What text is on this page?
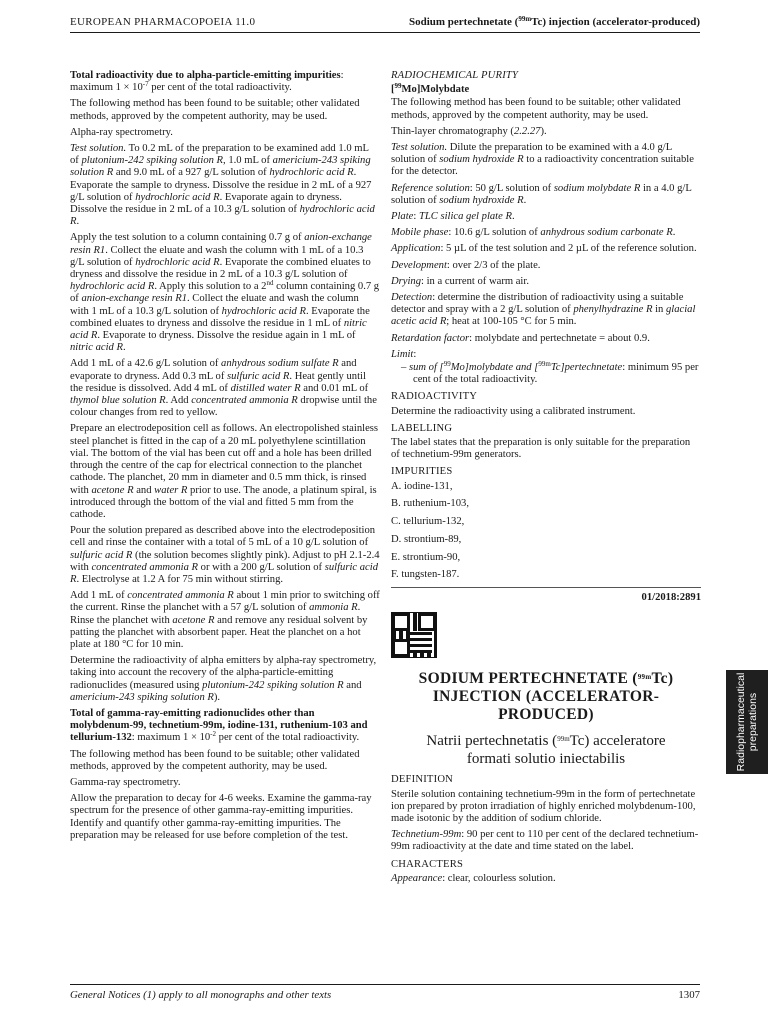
EUROPEAN PHARMACOPOEIA 11.0	Sodium pertechnetate ($^{99m}$Tc) injection (accelerator-produced)

Total radioactivity due to alpha-particle-emitting impurities: maximum $1 \times 10^{-7}$ per cent of the total radioactivity.

The following method has been found to be suitable; other validated methods, approved by the competent authority, may be used.

Alpha-ray spectrometry.

Test solution. To 0.2 mL of the preparation to be examined add 1.0 mL of plutonium-242 spiking solution R, 1.0 mL of americium-243 spiking solution R and 9.0 mL of a 927 g/L solution of hydrochloric acid R. Evaporate the sample to dryness. Dissolve the residue in 2 mL of a 927 g/L solution of hydrochloric acid R. Evaporate again to dryness. Dissolve the residue in 2 mL of a 10.3 g/L solution of hydrochloric acid R.

Apply the test solution to a column containing 0.7 g of anion-exchange resin R1. Collect the eluate and wash the column with 1 mL of a 10.3 g/L solution of hydrochloric acid R. Evaporate the combined eluates to dryness and dissolve the residue in 2 mL of a 10.3 g/L solution of hydrochloric acid R. Apply this solution to a 2nd column containing 0.7 g of anion-exchange resin R1. Collect the eluate and wash the column with 1 mL of a 10.3 g/L solution of hydrochloric acid R. Evaporate the combined eluates to dryness and dissolve the residue in 1 mL of nitric acid R. Evaporate to dryness. Dissolve the residue again in 1 mL of nitric acid R.

Add 1 mL of a 42.6 g/L solution of anhydrous sodium sulfate R and evaporate to dryness. Add 0.3 mL of sulfuric acid R. Heat gently until the residue is dissolved. Add 4 mL of distilled water R and 0.01 mL of thymol blue solution R. Add concentrated ammonia R dropwise until the colour changes from red to yellow.

Prepare an electrodeposition cell as follows. An electropolished stainless steel planchet is fitted in the cap of a 20 mL polyethylene scintillation vial. The bottom of the vial has been cut off and a hole has been drilled through the centre of the cap for electrical connection to the planchet cathode. The planchet, 20 mm in diameter and 0.5 mm thick, is rinsed with acetone R and water R prior to use. The anode, a platinum spiral, is introduced through the bottom of the vial and fitted 5 mm from the cathode.

Pour the solution prepared as described above into the electrodeposition cell and rinse the container with a total of 5 mL of a 10 g/L solution of sulfuric acid R (the solution becomes slightly pink). Adjust to pH 2.1-2.4 with concentrated ammonia R or with a 200 g/L solution of sulfuric acid R. Electrolyse at 1.2 A for 75 min without stirring.

Add 1 mL of concentrated ammonia R about 1 min prior to switching off the current. Rinse the planchet with a 57 g/L solution of ammonia R. Rinse the planchet with acetone R and remove any residual solvent by patting the planchet with absorbent paper. Heat the planchet on a hot plate at 180 °C for 10 min.

Determine the radioactivity of alpha emitters by alpha-ray spectrometry, taking into account the recovery of the alpha-particle-emitting radionuclides (measured using plutonium-242 spiking solution R and americium-243 spiking solution R).

Total of gamma-ray-emitting radionuclides other than molybdenum-99, technetium-99m, iodine-131, ruthenium-103 and tellurium-132: maximum $1 \times 10^{-2}$ per cent of the total radioactivity.

The following method has been found to be suitable; other validated methods, approved by the competent authority, may be used.

Gamma-ray spectrometry.

Allow the preparation to decay for 4-6 weeks. Examine the gamma-ray spectrum for the presence of other gamma-ray-emitting impurities. Identify and quantify other gamma-ray-emitting impurities. The preparation may be released for use before completion of the test.

RADIOCHEMICAL PURITY

[$^{99}$Mo]Molybdate

The following method has been found to be suitable; other validated methods, approved by the competent authority, may be used.

Thin-layer chromatography (2.2.27).

Test solution. Dilute the preparation to be examined with a 4.0 g/L solution of sodium hydroxide R to a radioactivity concentration suitable for the detector.

Reference solution: 50 g/L solution of sodium molybdate R in a 4.0 g/L solution of sodium hydroxide R.

Plate: TLC silica gel plate R.

Mobile phase: 10.6 g/L solution of anhydrous sodium carbonate R.

Application: 5 µL of the test solution and 2 µL of the reference solution.

Development: over 2/3 of the plate.

Drying: in a current of warm air.

Detection: determine the distribution of radioactivity using a suitable detector and spray with a 2 g/L solution of phenylhydrazine R in glacial acetic acid R; heat at 100-105 °C for 5 min.

Retardation factor: molybdate and pertechnetate = about 0.9.

Limit:

– sum of [$^{99}$Mo]molybdate and [$^{99m}$Tc]pertechnetate: minimum 95 per cent of the total radioactivity.

RADIOACTIVITY

Determine the radioactivity using a calibrated instrument.

LABELLING

The label states that the preparation is only suitable for the preparation of technetium-99m generators.

IMPURITIES

A. iodine-131,

B. ruthenium-103,

C. tellurium-132,

D. strontium-89,

E. strontium-90,

F. tungsten-187.

01/2018:2891
SODIUM PERTECHNETATE ($^{99m}$Tc)
INJECTION (ACCELERATOR-
PRODUCED)
Natrii pertechnetatis ($^{99m}$Tc) acceleratore
formati solutio iniectabilis

DEFINITION

Sterile solution containing technetium-99m in the form of pertechnetate ion prepared by proton irradiation of highly enriched molybdenum-100, made isotonic by the addition of sodium chloride.

Technetium-99m: 90 per cent to 110 per cent of the declared technetium-99m radioactivity at the date and time stated on the label.

CHARACTERS

Appearance: clear, colourless solution.

Radiopharmaceutical preparations
General Notices (1) apply to all monographs and other texts	1307
